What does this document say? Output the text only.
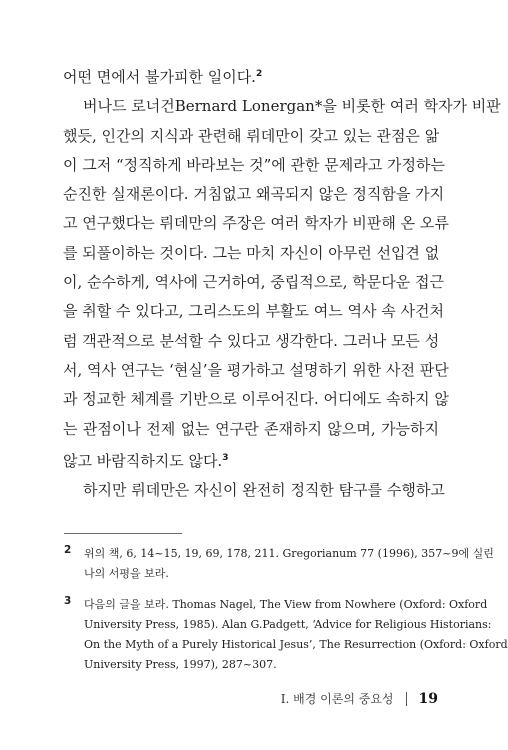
어떤 면에서 불가피한 일이다.$^2$

버나드 로너건Bernard Lonergan*을 비롯한 여러 학자가 비판
했듯, 인간의 지식과 관련해 뤼데만이 갖고 있는 관점은 앎
이 그저 “정직하게 바라보는 것”에 관한 문제라고 가정하는
순진한 실재론이다. 거침없고 왜곡되지 않은 정직함을 가지
고 연구했다는 뤼데만의 주장은 여러 학자가 비판해 온 오류
를 되풀이하는 것이다. 그는 마치 자신이 아무런 선입견 없
이, 순수하게, 역사에 근거하여, 중립적으로, 학문다운 접근
을 취할 수 있다고, 그리스도의 부활도 여느 역사 속 사건처
럼 객관적으로 분석할 수 있다고 생각한다. 그러나 모든 성
서, 역사 연구는 ‘현실’을 평가하고 설명하기 위한 사전 판단
과 정교한 체계를 기반으로 이루어진다. 어디에도 속하지 않
는 관점이나 전제 없는 연구란 존재하지 않으며, 가능하지
않고 바람직하지도 않다.$^3$

하지만 뤼데만은 자신이 완전히 정직한 탐구를 수행하고

2 위의 책, 6, 14~15, 19, 69, 178, 211. Gregorianum 77 (1996), 357~9에 실린
나의 서평을 보라.
3 다음의 글을 보라. Thomas Nagel, The View from Nowhere (Oxford: Oxford
University Press, 1985). Alan G.Padgett, ‘Advice for Religious Historians:
On the Myth of a Purely Historical Jesus’, The Resurrection (Oxford: Oxford
University Press, 1997), 287~307.
I. 배경 이론의 중요성 19
